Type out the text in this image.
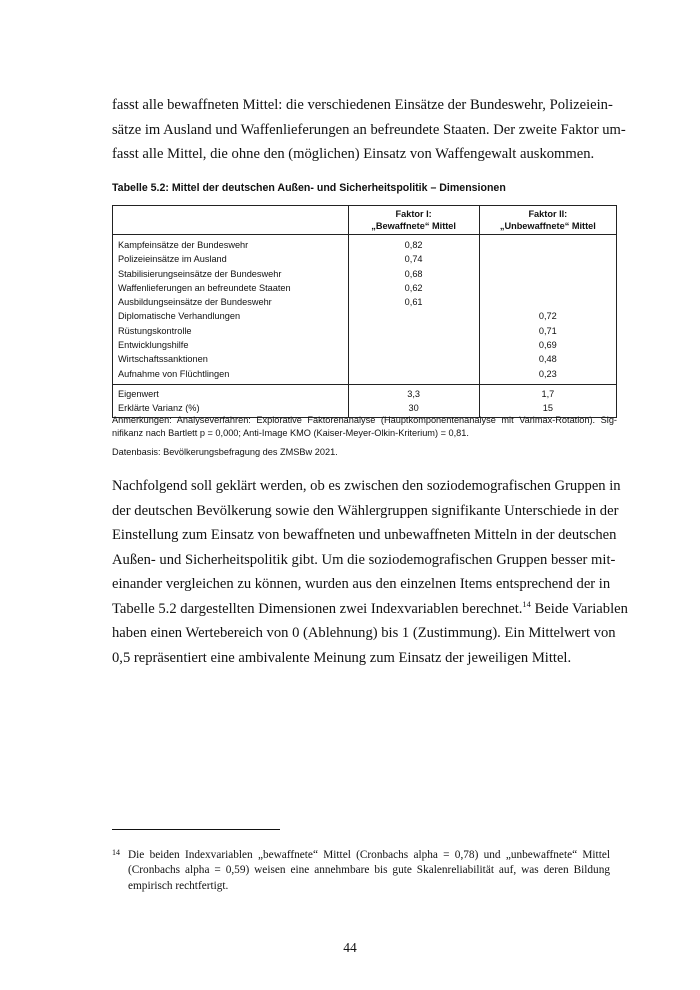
fasst alle bewaffneten Mittel: die verschiedenen Einsätze der Bundeswehr, Polizeiein-
sätze im Ausland und Waffenlieferungen an befreundete Staaten. Der zweite Faktor um-
fasst alle Mittel, die ohne den (möglichen) Einsatz von Waffengewalt auskommen.
Tabelle 5.2: Mittel der deutschen Außen- und Sicherheitspolitik – Dimensionen
	Faktor I:
„Bewaffnete“ Mittel	Faktor II:
„Unbewaffnete“ Mittel
Kampfeinsätze der Bundeswehr	0,82	
Polizeieinsätze im Ausland	0,74	
Stabilisierungseinsätze der Bundeswehr	0,68	
Waffenlieferungen an befreundete Staaten	0,62	
Ausbildungseinsätze der Bundeswehr	0,61	
Diplomatische Verhandlungen		0,72
Rüstungskontrolle		0,71
Entwicklungshilfe		0,69
Wirtschaftssanktionen		0,48
Aufnahme von Flüchtlingen		0,23
Eigenwert	3,3	1,7
Erklärte Varianz (%)	30	15
Anmerkungen: Analyseverfahren: Explorative Faktorenanalyse (Hauptkomponentenanalyse mit Varimax-Rotation). Sig-
nifikanz nach Bartlett p = 0,000; Anti-Image KMO (Kaiser-Meyer-Olkin-Kriterium) = 0,81.
Datenbasis: Bevölkerungsbefragung des ZMSBw 2021.
Nachfolgend soll geklärt werden, ob es zwischen den soziodemografischen Gruppen in
der deutschen Bevölkerung sowie den Wählergruppen signifikante Unterschiede in der
Einstellung zum Einsatz von bewaffneten und unbewaffneten Mitteln in der deutschen
Außen- und Sicherheitspolitik gibt. Um die soziodemografischen Gruppen besser mit-
einander vergleichen zu können, wurden aus den einzelnen Items entsprechend der in
Tabelle 5.2 dargestellten Dimensionen zwei Indexvariablen berechnet.$^{14}$ Beide Variablen
haben einen Wertebereich von 0 (Ablehnung) bis 1 (Zustimmung). Ein Mittelwert von
0,5 repräsentiert eine ambivalente Meinung zum Einsatz der jeweiligen Mittel.
14 Die beiden Indexvariablen „bewaffnete“ Mittel (Cronbachs alpha = 0,78) und „unbewaffnete“ Mittel
(Cronbachs alpha = 0,59) weisen eine annehmbare bis gute Skalenreliabilität auf, was deren Bildung
empirisch rechtfertigt.
44
